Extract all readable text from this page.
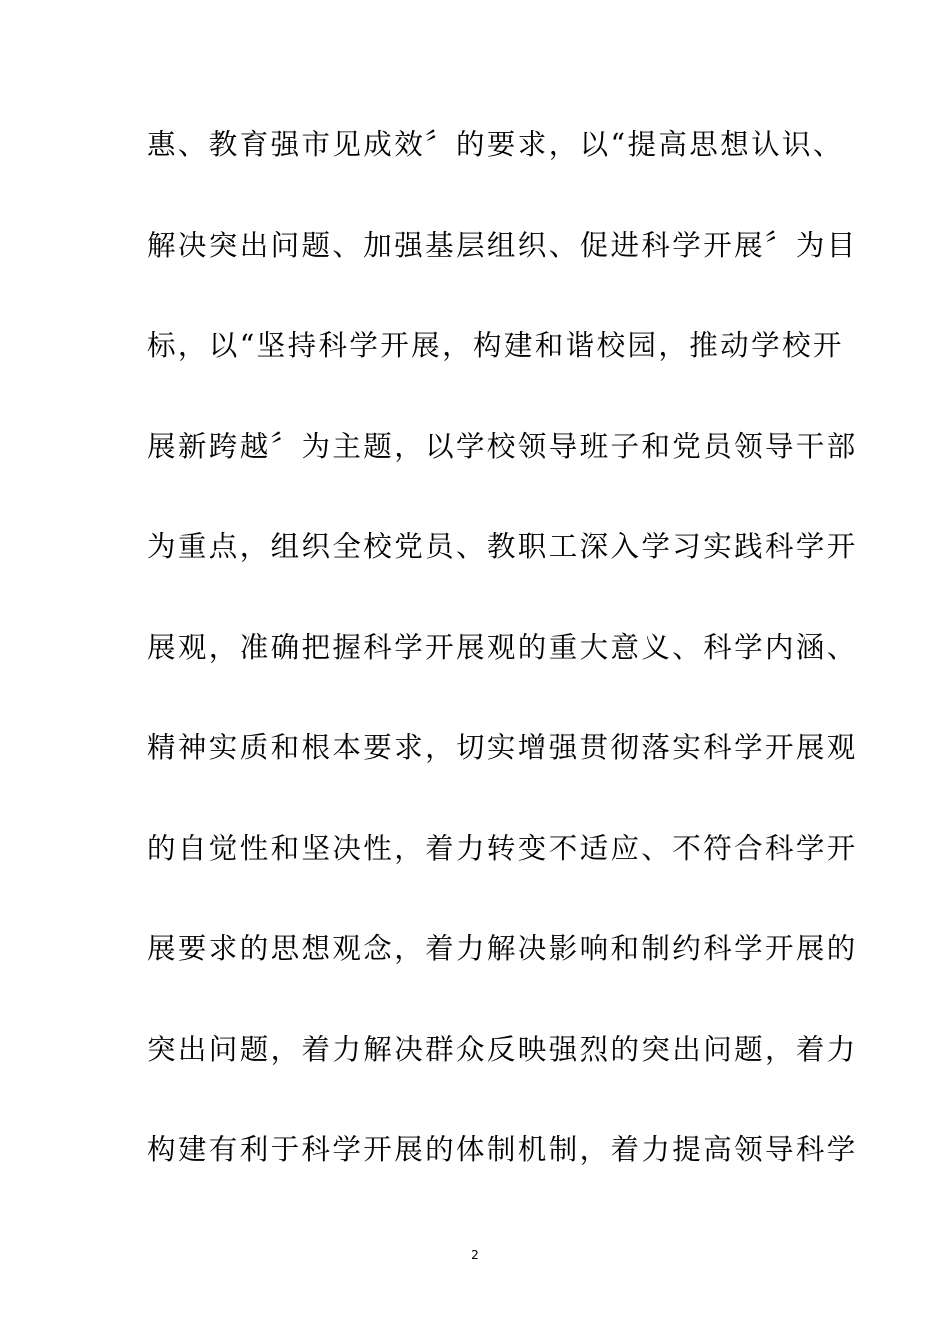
惠、教育强市见成效〞的要求，以“提高思想认识、
解决突出问题、加强基层组织、促进科学开展〞为目
标，以“坚持科学开展，构建和谐校园，推动学校开
展新跨越〞为主题，以学校领导班子和党员领导干部
为重点，组织全校党员、教职工深入学习实践科学开
展观，准确把握科学开展观的重大意义、科学内涵、
精神实质和根本要求，切实增强贯彻落实科学开展观
的自觉性和坚决性，着力转变不适应、不符合科学开
展要求的思想观念，着力解决影响和制约科学开展的
突出问题，着力解决群众反映强烈的突出问题，着力
构建有利于科学开展的体制机制，着力提高领导科学
2
